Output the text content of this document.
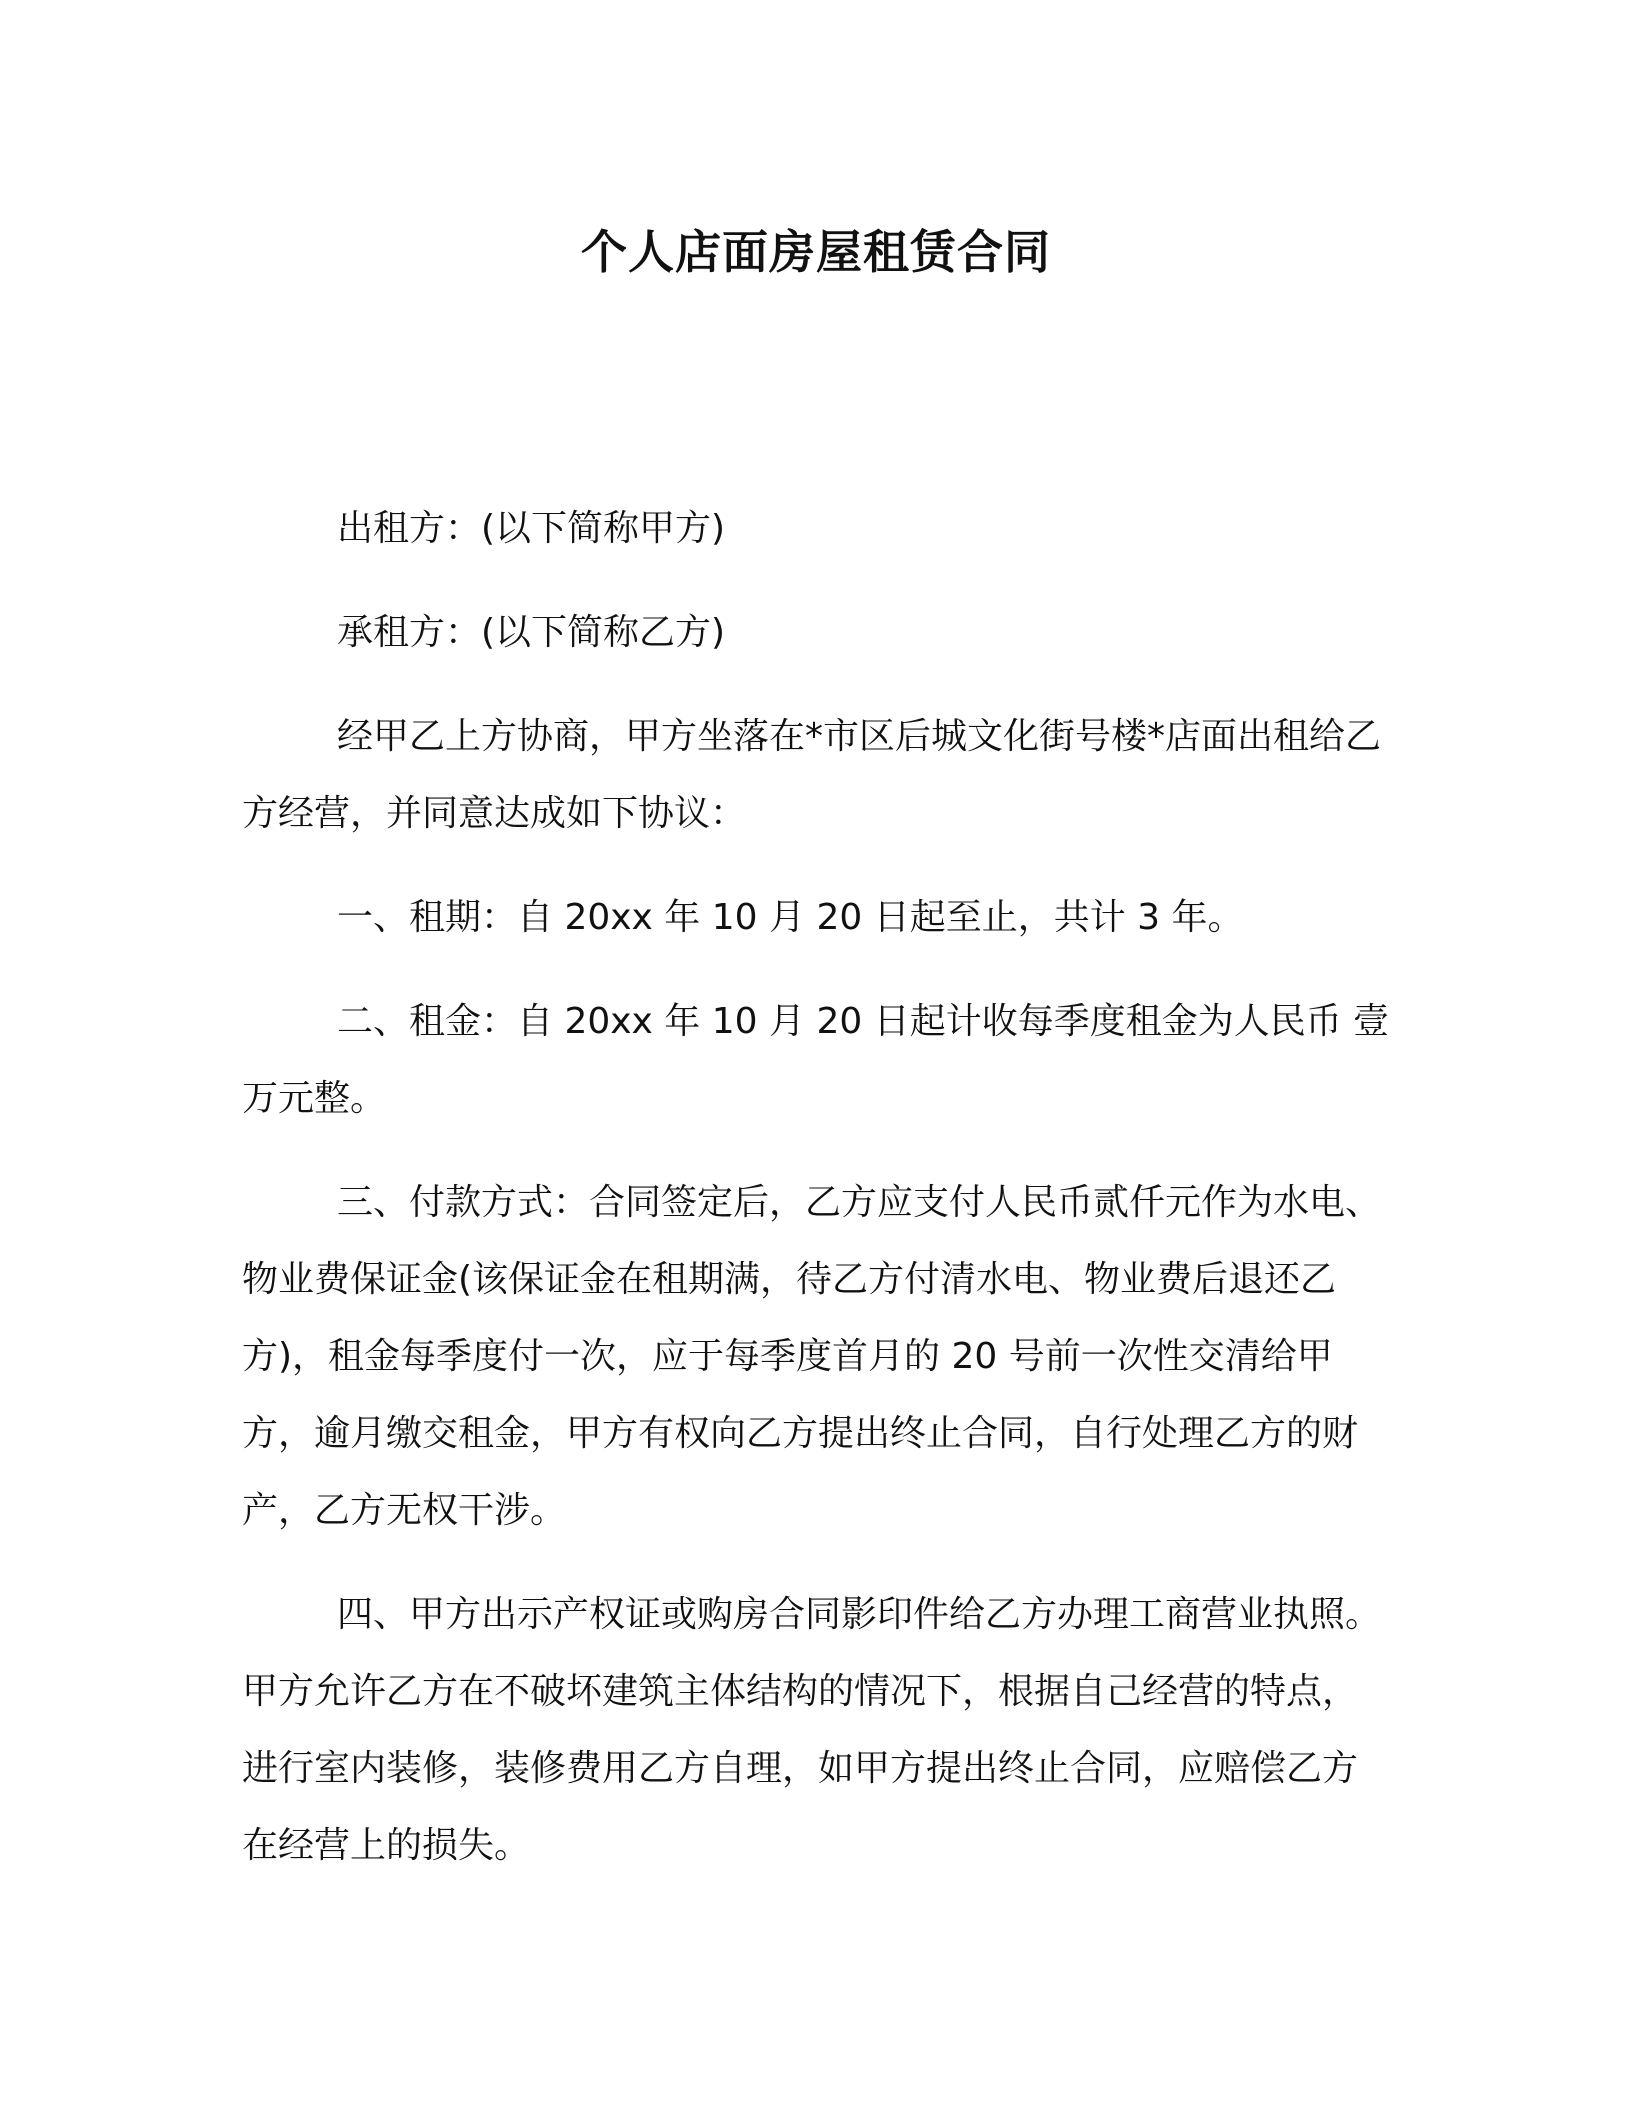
个人店面房屋租赁合同

出租方：(以下简称甲方)

承租方：(以下简称乙方)

经甲乙上方协商，甲方坐落在*市区后城文化街号楼*店面出租给乙方经营，并同意达成如下协议：

一、租期：自 20xx 年 10 月 20 日起至止，共计 3 年。

二、租金：自 20xx 年 10 月 20 日起计收每季度租金为人民币 壹万元整。

三、付款方式：合同签定后，乙方应支付人民币贰仟元作为水电、物业费保证金(该保证金在租期满，待乙方付清水电、物业费后退还乙方)，租金每季度付一次，应于每季度首月的 20 号前一次性交清给甲方，逾月缴交租金，甲方有权向乙方提出终止合同，自行处理乙方的财产，乙方无权干涉。

四、甲方出示产权证或购房合同影印件给乙方办理工商营业执照。甲方允许乙方在不破坏建筑主体结构的情况下，根据自己经营的特点，进行室内装修，装修费用乙方自理，如甲方提出终止合同，应赔偿乙方在经营上的损失。
